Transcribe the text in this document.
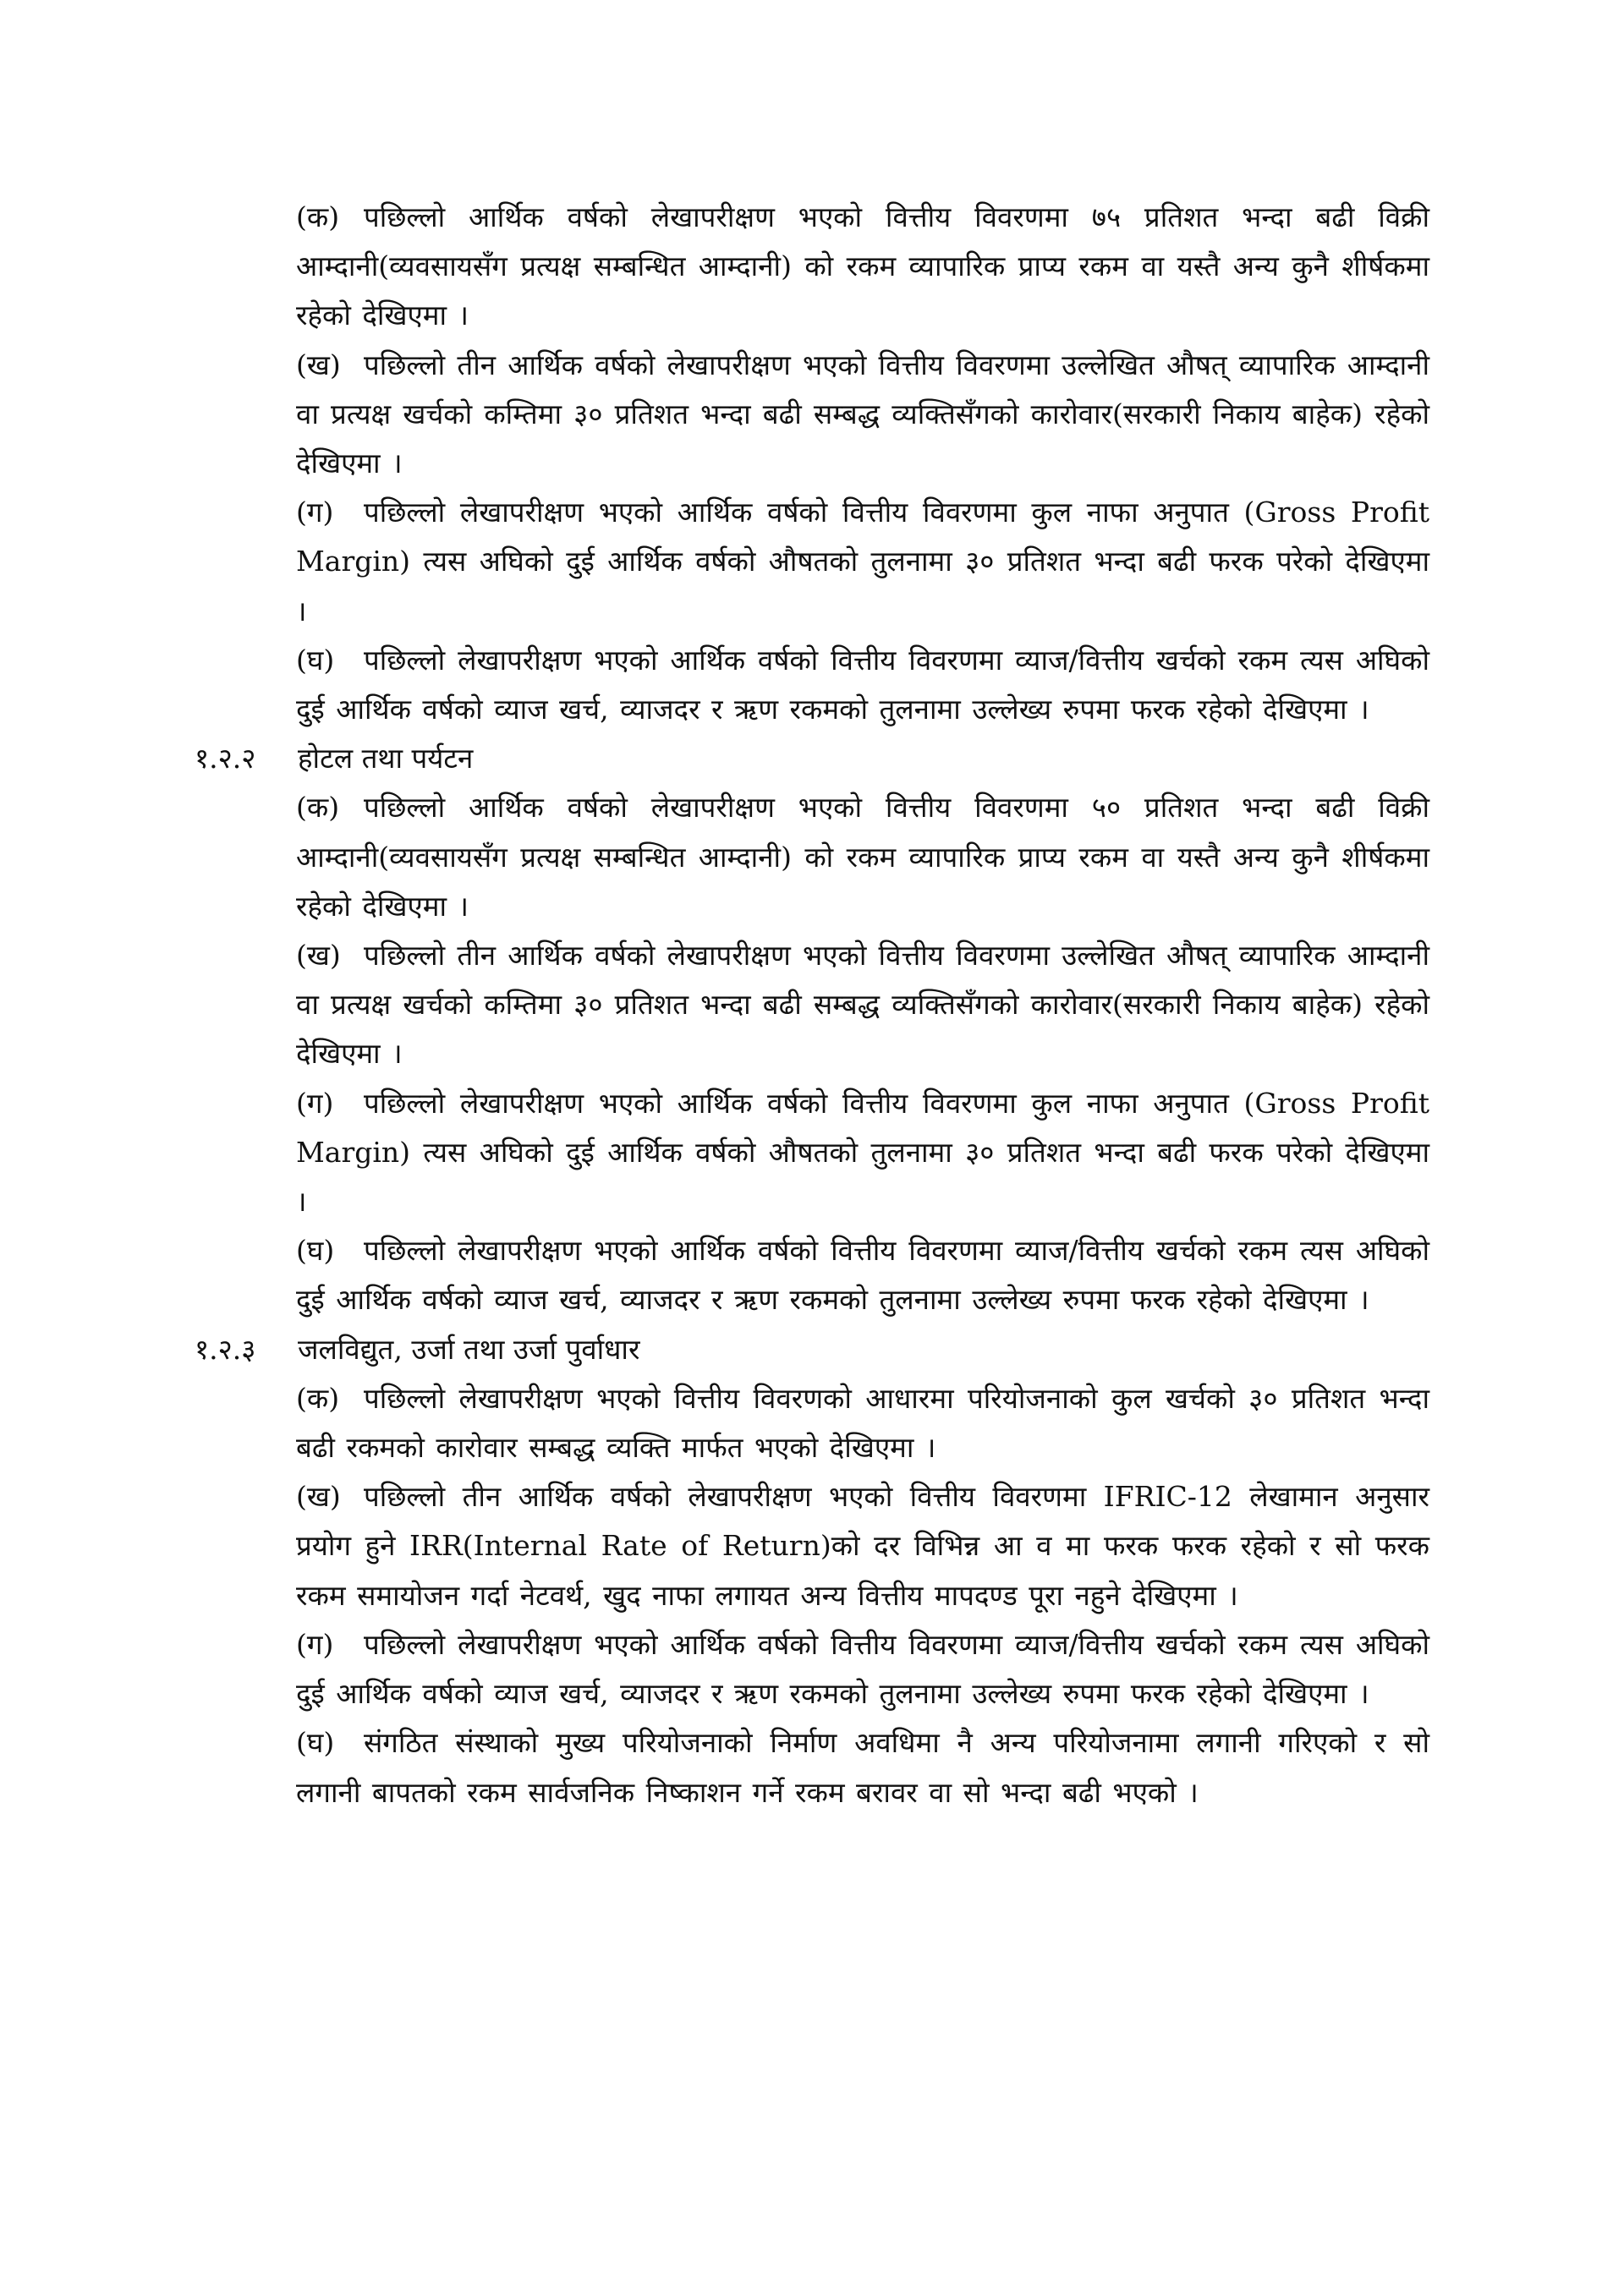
(क) पछिल्लो आर्थिक वर्षको लेखापरीक्षण भएको वित्तीय विवरणमा ७५ प्रतिशत भन्दा बढी विक्री आम्दानी(व्यवसायसँग प्रत्यक्ष सम्बन्धित आम्दानी) को रकम व्यापारिक प्राप्य रकम वा यस्तै अन्य कुनै शीर्षकमा रहेको देखिएमा ।
(ख) पछिल्लो तीन आर्थिक वर्षको लेखापरीक्षण भएको वित्तीय विवरणमा उल्लेखित औषत् व्यापारिक आम्दानी वा प्रत्यक्ष खर्चको कम्तिमा ३० प्रतिशत भन्दा बढी सम्बद्ध व्यक्तिसँगको कारोवार(सरकारी निकाय बाहेक) रहेको देखिएमा ।
(ग) पछिल्लो लेखापरीक्षण भएको आर्थिक वर्षको वित्तीय विवरणमा कुल नाफा अनुपात (Gross Profit Margin) त्यस अघिको दुई आर्थिक वर्षको औषतको तुलनामा ३० प्रतिशत भन्दा बढी फरक परेको देखिएमा ।
(घ) पछिल्लो लेखापरीक्षण भएको आर्थिक वर्षको वित्तीय विवरणमा व्याज/वित्तीय खर्चको रकम त्यस अघिको दुई आर्थिक वर्षको व्याज खर्च, व्याजदर र ऋण रकमको तुलनामा उल्लेख्य रुपमा फरक रहेको देखिएमा ।
१.२.२ होटल तथा पर्यटन
(क) पछिल्लो आर्थिक वर्षको लेखापरीक्षण भएको वित्तीय विवरणमा ५० प्रतिशत भन्दा बढी विक्री आम्दानी(व्यवसायसँग प्रत्यक्ष सम्बन्धित आम्दानी) को रकम व्यापारिक प्राप्य रकम वा यस्तै अन्य कुनै शीर्षकमा रहेको देखिएमा ।
(ख) पछिल्लो तीन आर्थिक वर्षको लेखापरीक्षण भएको वित्तीय विवरणमा उल्लेखित औषत् व्यापारिक आम्दानी वा प्रत्यक्ष खर्चको कम्तिमा ३० प्रतिशत भन्दा बढी सम्बद्ध व्यक्तिसँगको कारोवार(सरकारी निकाय बाहेक) रहेको देखिएमा ।
(ग) पछिल्लो लेखापरीक्षण भएको आर्थिक वर्षको वित्तीय विवरणमा कुल नाफा अनुपात (Gross Profit Margin) त्यस अघिको दुई आर्थिक वर्षको औषतको तुलनामा ३० प्रतिशत भन्दा बढी फरक परेको देखिएमा ।
(घ) पछिल्लो लेखापरीक्षण भएको आर्थिक वर्षको वित्तीय विवरणमा व्याज/वित्तीय खर्चको रकम त्यस अघिको दुई आर्थिक वर्षको व्याज खर्च, व्याजदर र ऋण रकमको तुलनामा उल्लेख्य रुपमा फरक रहेको देखिएमा ।
१.२.३ जलविद्युत, उर्जा तथा उर्जा पुर्वाधार
(क) पछिल्लो लेखापरीक्षण भएको वित्तीय विवरणको आधारमा परियोजनाको कुल खर्चको ३० प्रतिशत भन्दा बढी रकमको कारोवार सम्बद्ध व्यक्ति मार्फत भएको देखिएमा ।
(ख) पछिल्लो तीन आर्थिक वर्षको लेखापरीक्षण भएको वित्तीय विवरणमा IFRIC-12 लेखामान अनुसार प्रयोग हुने IRR(Internal Rate of Return)को दर विभिन्न आ व मा फरक फरक रहेको र सो फरक रकम समायोजन गर्दा नेटवर्थ, खुद नाफा लगायत अन्य वित्तीय मापदण्ड पूरा नहुने देखिएमा ।
(ग) पछिल्लो लेखापरीक्षण भएको आर्थिक वर्षको वित्तीय विवरणमा व्याज/वित्तीय खर्चको रकम त्यस अघिको दुई आर्थिक वर्षको व्याज खर्च, व्याजदर र ऋण रकमको तुलनामा उल्लेख्य रुपमा फरक रहेको देखिएमा ।
(घ) संगठित संस्थाको मुख्य परियोजनाको निर्माण अवधिमा नै अन्य परियोजनामा लगानी गरिएको र सो लगानी बापतको रकम सार्वजनिक निष्काशन गर्ने रकम बरावर वा सो भन्दा बढी भएको ।
